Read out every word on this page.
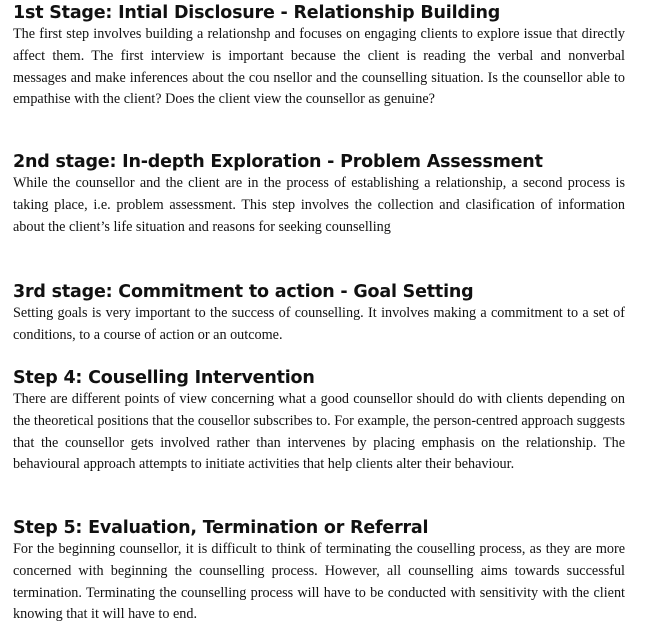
1st Stage: Intial Disclosure - Relationship Building

The first step involves building a relationshp and focuses on engaging clients to explore issue that directly affect them. The first interview is important because the client is reading the verbal and nonverbal messages and make inferences about the cou nsellor and the counselling situation. Is the counsellor able to empathise with the client? Does the client view the counsellor as genuine?

2nd stage: In-depth Exploration - Problem Assessment

While the counsellor and the client are in the process of establishing a relationship, a second process is taking place, i.e. problem assessment. This step involves the collection and clasification of information about the client’s life situation and reasons for seeking counselling

3rd stage: Commitment to action - Goal Setting

Setting goals is very important to the success of counselling. It involves making a commitment to a set of conditions, to a course of action or an outcome.

Step 4: Couselling Intervention

There are different points of view concerning what a good counsellor should do with clients depending on the theoretical positions that the cousellor subscribes to. For example, the person-centred approach suggests that the counsellor gets involved rather than intervenes by placing emphasis on the relationship. The behavioural approach attempts to initiate activities that help clients alter their behaviour.

Step 5: Evaluation, Termination or Referral

For the beginning counsellor, it is difficult to think of terminating the couselling process, as they are more concerned with beginning the counselling process. However, all counselling aims towards successful termination. Terminating the counselling process will have to be conducted with sensitivity with the client knowing that it will have to end.
